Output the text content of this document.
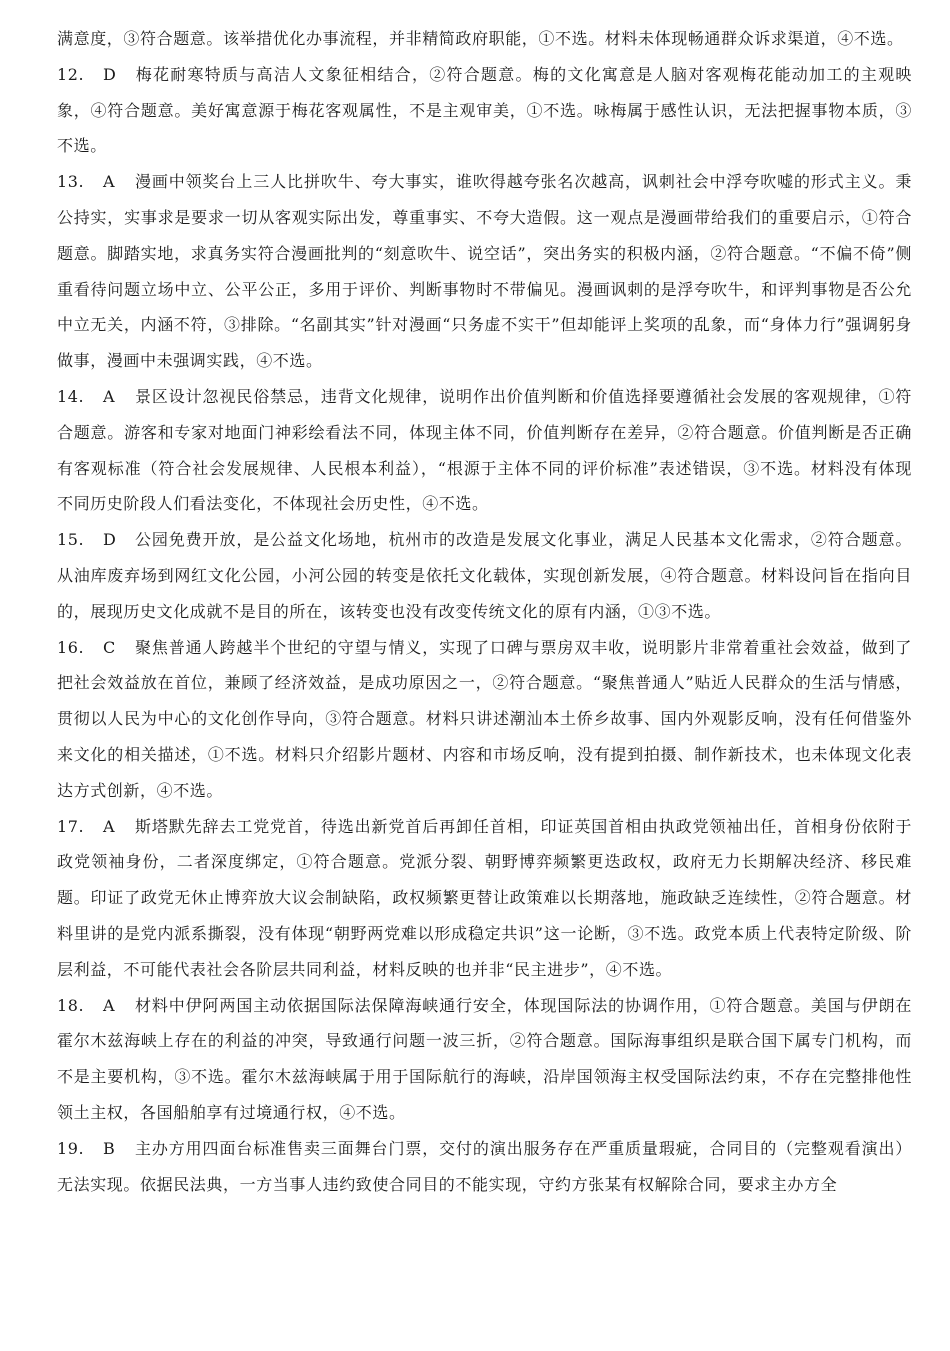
满意度，③符合题意。该举措优化办事流程，并非精简政府职能，①不选。材料未体现畅通群众诉求渠道，④不选。

12. D 梅花耐寒特质与高洁人文象征相结合，②符合题意。梅的文化寓意是人脑对客观梅花能动加工的主观映象，④符合题意。美好寓意源于梅花客观属性，不是主观审美，①不选。咏梅属于感性认识，无法把握事物本质，③不选。

13. A 漫画中领奖台上三人比拼吹牛、夸大事实，谁吹得越夸张名次越高，讽刺社会中浮夸吹嘘的形式主义。秉公持实，实事求是要求一切从客观实际出发，尊重事实、不夸大造假。这一观点是漫画带给我们的重要启示，①符合题意。脚踏实地，求真务实符合漫画批判的“刻意吹牛、说空话”，突出务实的积极内涵，②符合题意。“不偏不倚”侧重看待问题立场中立、公平公正，多用于评价、判断事物时不带偏见。漫画讽刺的是浮夸吹牛，和评判事物是否公允中立无关，内涵不符，③排除。“名副其实”针对漫画“只务虚不实干”但却能评上奖项的乱象，而“身体力行”强调躬身做事，漫画中未强调实践，④不选。

14. A 景区设计忽视民俗禁忌，违背文化规律，说明作出价值判断和价值选择要遵循社会发展的客观规律，①符合题意。游客和专家对地面门神彩绘看法不同，体现主体不同，价值判断存在差异，②符合题意。价值判断是否正确有客观标准（符合社会发展规律、人民根本利益），“根源于主体不同的评价标准”表述错误，③不选。材料没有体现不同历史阶段人们看法变化，不体现社会历史性，④不选。

15. D 公园免费开放，是公益文化场地，杭州市的改造是发展文化事业，满足人民基本文化需求，②符合题意。从油库废弃场到网红文化公园，小河公园的转变是依托文化载体，实现创新发展，④符合题意。材料设问旨在指向目的，展现历史文化成就不是目的所在，该转变也没有改变传统文化的原有内涵，①③不选。

16. C 聚焦普通人跨越半个世纪的守望与情义，实现了口碑与票房双丰收，说明影片非常着重社会效益，做到了把社会效益放在首位，兼顾了经济效益，是成功原因之一，②符合题意。“聚焦普通人”贴近人民群众的生活与情感，贯彻以人民为中心的文化创作导向，③符合题意。材料只讲述潮汕本土侨乡故事、国内外观影反响，没有任何借鉴外来文化的相关描述，①不选。材料只介绍影片题材、内容和市场反响，没有提到拍摄、制作新技术，也未体现文化表达方式创新，④不选。

17. A 斯塔默先辞去工党党首，待选出新党首后再卸任首相，印证英国首相由执政党领袖出任，首相身份依附于政党领袖身份，二者深度绑定，①符合题意。党派分裂、朝野博弈频繁更迭政权，政府无力长期解决经济、移民难题。印证了政党无休止博弈放大议会制缺陷，政权频繁更替让政策难以长期落地，施政缺乏连续性，②符合题意。材料里讲的是党内派系撕裂，没有体现“朝野两党难以形成稳定共识”这一论断，③不选。政党本质上代表特定阶级、阶层利益，不可能代表社会各阶层共同利益，材料反映的也并非“民主进步”，④不选。

18. A 材料中伊阿两国主动依据国际法保障海峡通行安全，体现国际法的协调作用，①符合题意。美国与伊朗在霍尔木兹海峡上存在的利益的冲突，导致通行问题一波三折，②符合题意。国际海事组织是联合国下属专门机构，而不是主要机构，③不选。霍尔木兹海峡属于用于国际航行的海峡，沿岸国领海主权受国际法约束，不存在完整排他性领土主权，各国船舶享有过境通行权，④不选。

19. B 主办方用四面台标准售卖三面舞台门票，交付的演出服务存在严重质量瑕疵，合同目的（完整观看演出）无法实现。依据民法典，一方当事人违约致使合同目的不能实现，守约方张某有权解除合同，要求主办方全
